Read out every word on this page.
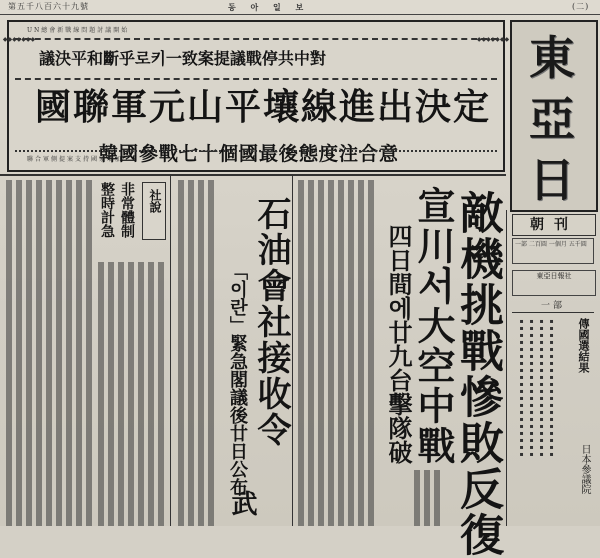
第五千八百六十九號	동 아 일 보	(二)
UN總會新戰線問題討議開始
◆◆◆◆◆◆◆	◆◆◆◆◆◆◆
議決平和斷乎로키一致案提議戰停共中對
國聯軍元山平壤線進出決定
韓國參戰七十個國最後態度注合意
聯合軍側提案支持國家增加
東
亞
日
朝刊
一部 二百圓 一個月 五千圓
東亞日報社
一部
傳國選結果
日本參議院
▪▪▪▪▪▪▪▪▪▪▪▪▪▪▪▪▪▪▪▪
▪▪▪▪▪▪▪▪▪▪▪▪▪▪▪▪▪▪▪▪
▪▪▪▪▪▪▪▪▪▪▪▪▪▪▪▪▪▪▪▪
▪▪▪▪▪▪▪▪▪▪▪▪▪▪▪▪▪▪▪▪
敵機挑戰慘敗反復
宣川서大空中戰
四日間에廿九台擊隊破
石油會社接收令
「이란」緊急閣議後廿日公布
武
社說
非常體制
整時計急
